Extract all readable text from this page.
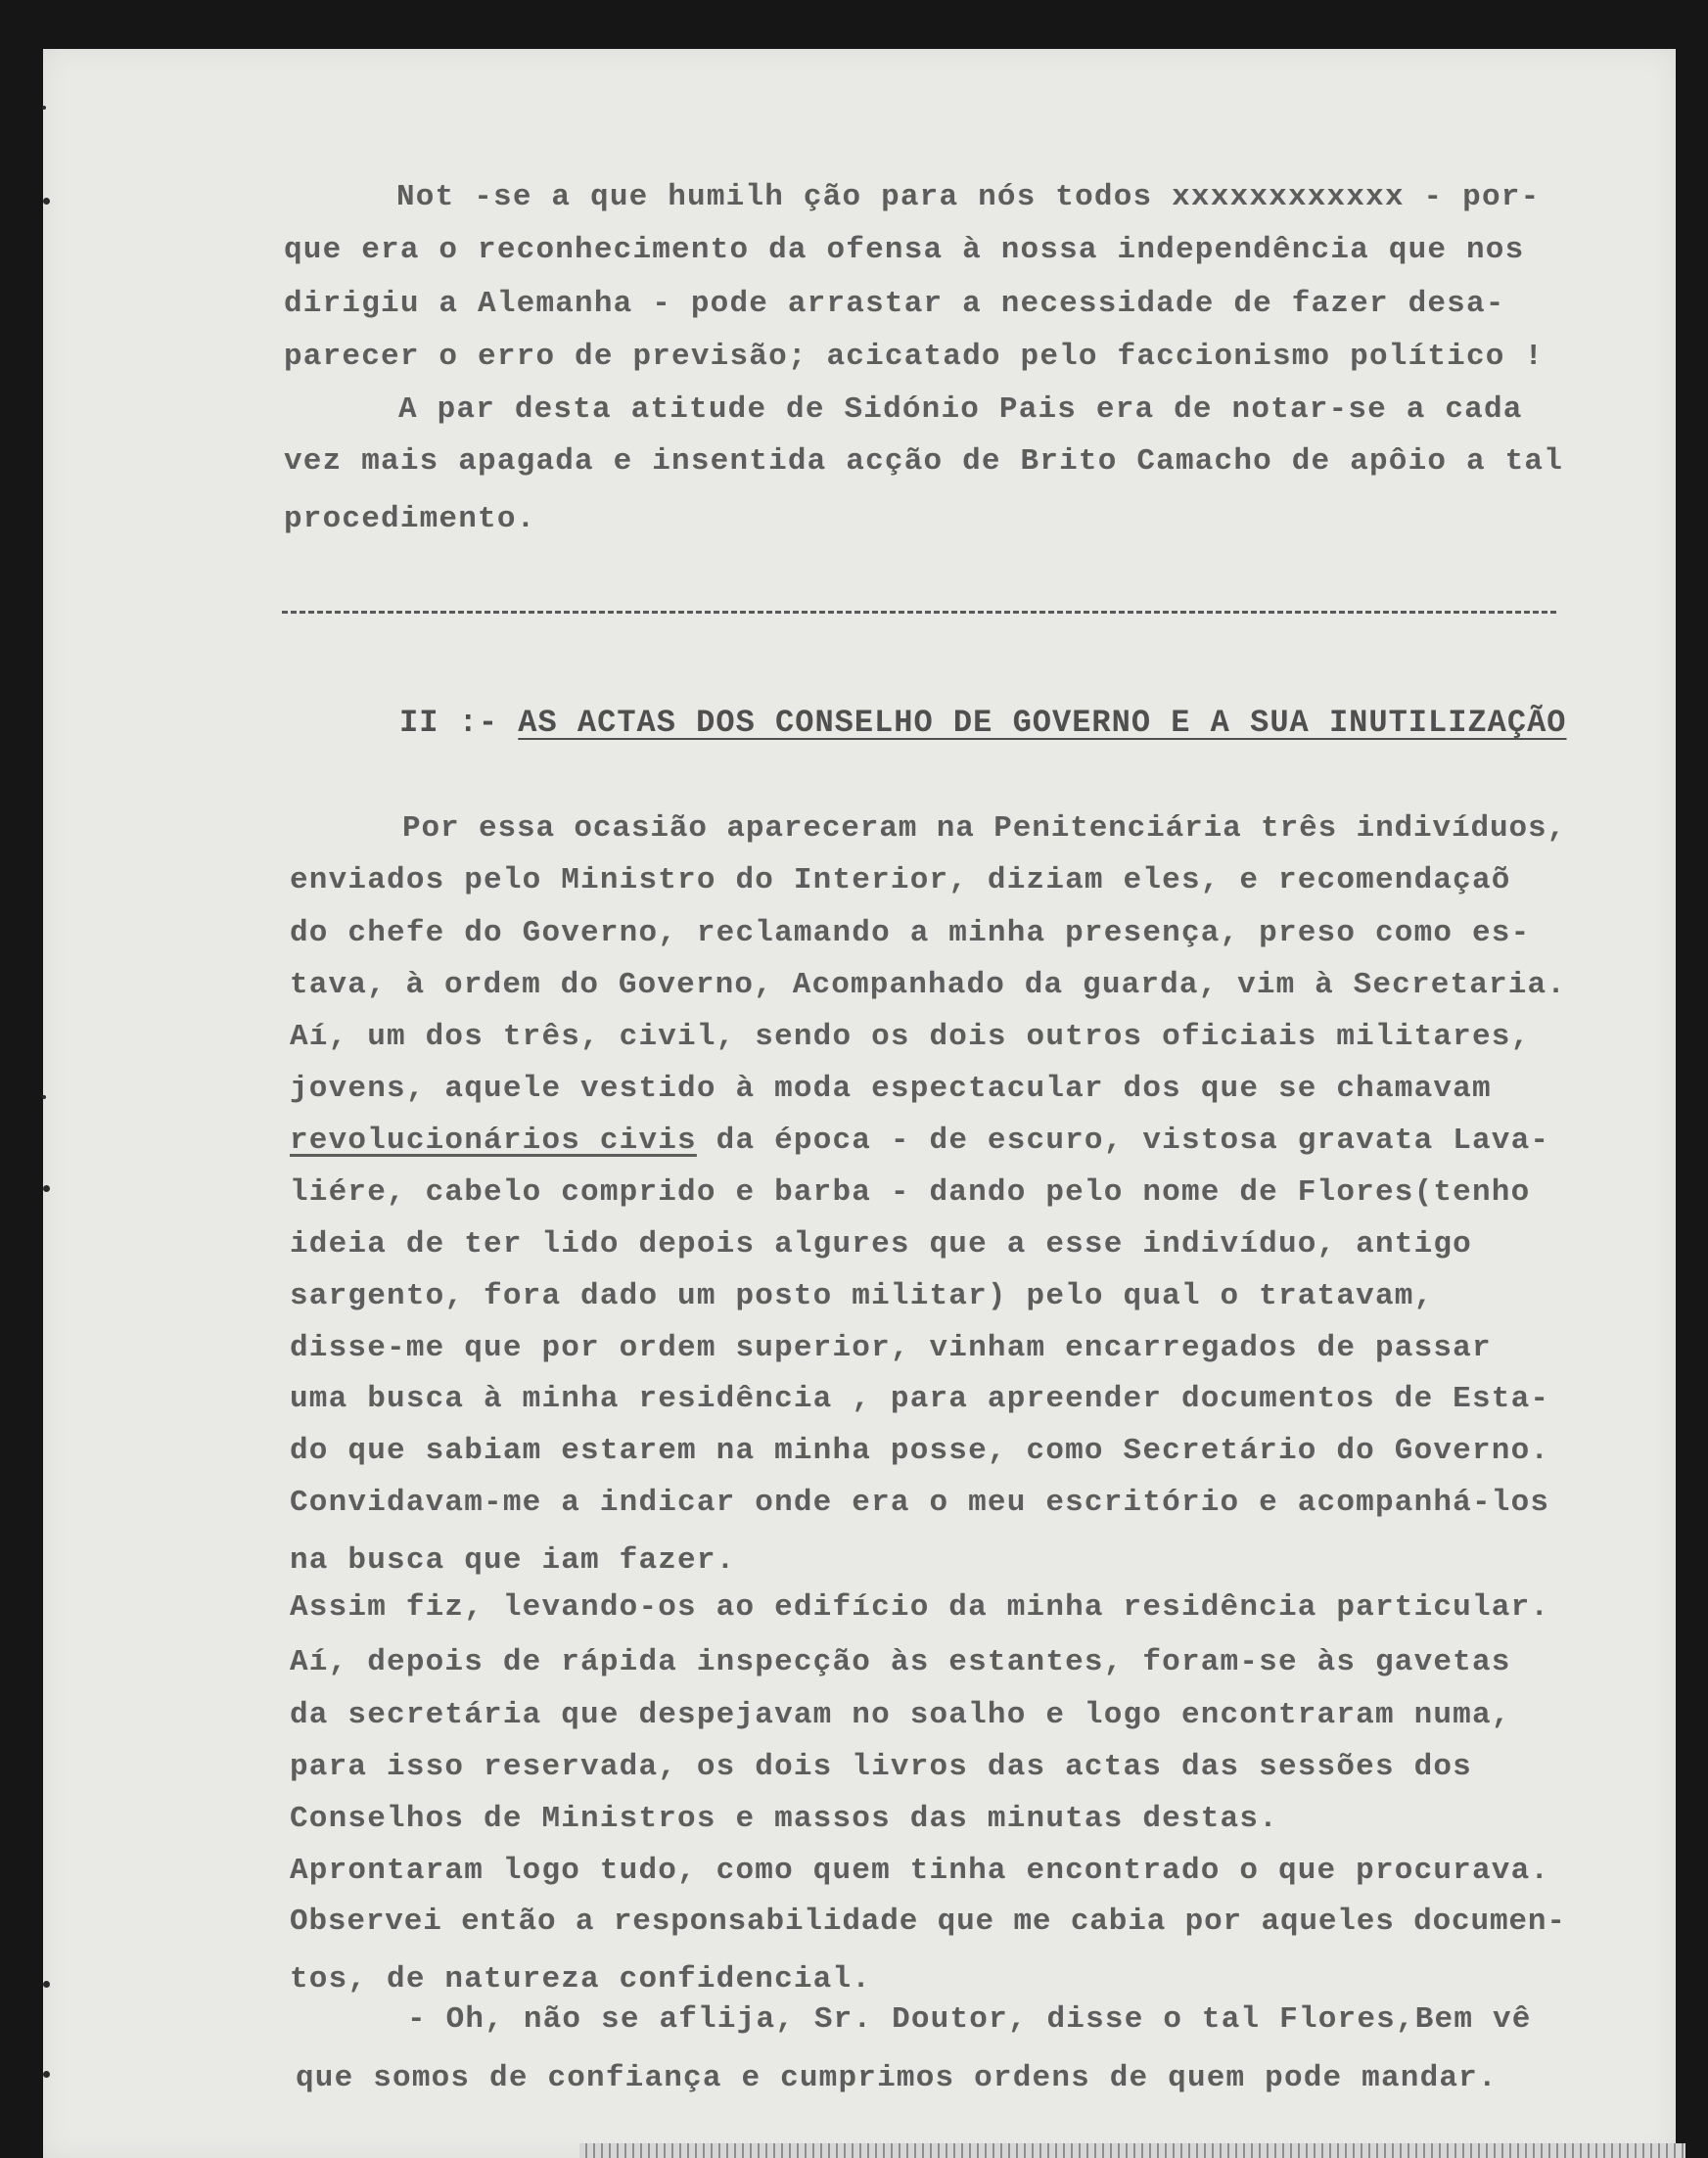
Not -se a que humilh ção para nós todos xxxxxxxxxxxx - por-
que era o reconhecimento da ofensa à nossa independência que nos
dirigiu a Alemanha - pode arrastar a necessidade de fazer desa-
parecer o erro de previsão; acicatado pelo faccionismo político !
A par desta atitude de Sidónio Pais era de notar-se a cada
vez mais apagada e insentida acção de Brito Camacho de apôio a tal
procedimento.
II :- AS ACTAS DOS CONSELHO DE GOVERNO E A SUA INUTILIZAÇÃO
Por essa ocasião apareceram na Penitenciária três indivíduos,
enviados pelo Ministro do Interior, diziam eles, e recomendaçaõ
do chefe do Governo, reclamando a minha presença, preso como es-
tava, à ordem do Governo, Acompanhado da guarda, vim à Secretaria.
Aí, um dos três, civil, sendo os dois outros oficiais militares,
jovens, aquele vestido à moda espectacular dos que se chamavam
revolucionários civis da época - de escuro, vistosa gravata Lava-
liére, cabelo comprido e barba - dando pelo nome de Flores(tenho
ideia de ter lido depois algures que a esse indivíduo, antigo
sargento, fora dado um posto militar) pelo qual o tratavam,
disse-me que por ordem superior, vinham encarregados de passar
uma busca à minha residência , para apreender documentos de Esta-
do que sabiam estarem na minha posse, como Secretário do Governo.
Convidavam-me a indicar onde era o meu escritório e acompanhá-los
na busca que iam fazer.
Assim fiz, levando-os ao edifício da minha residência particular.
Aí, depois de rápida inspecção às estantes, foram-se às gavetas
da secretária que despejavam no soalho e logo encontraram numa,
para isso reservada, os dois livros das actas das sessões dos
Conselhos de Ministros e massos das minutas destas.
Aprontaram logo tudo, como quem tinha encontrado o que procurava.
Observei então a responsabilidade que me cabia por aqueles documen-
tos, de natureza confidencial.
- Oh, não se aflija, Sr. Doutor, disse o tal Flores,Bem vê
que somos de confiança e cumprimos ordens de quem pode mandar.
